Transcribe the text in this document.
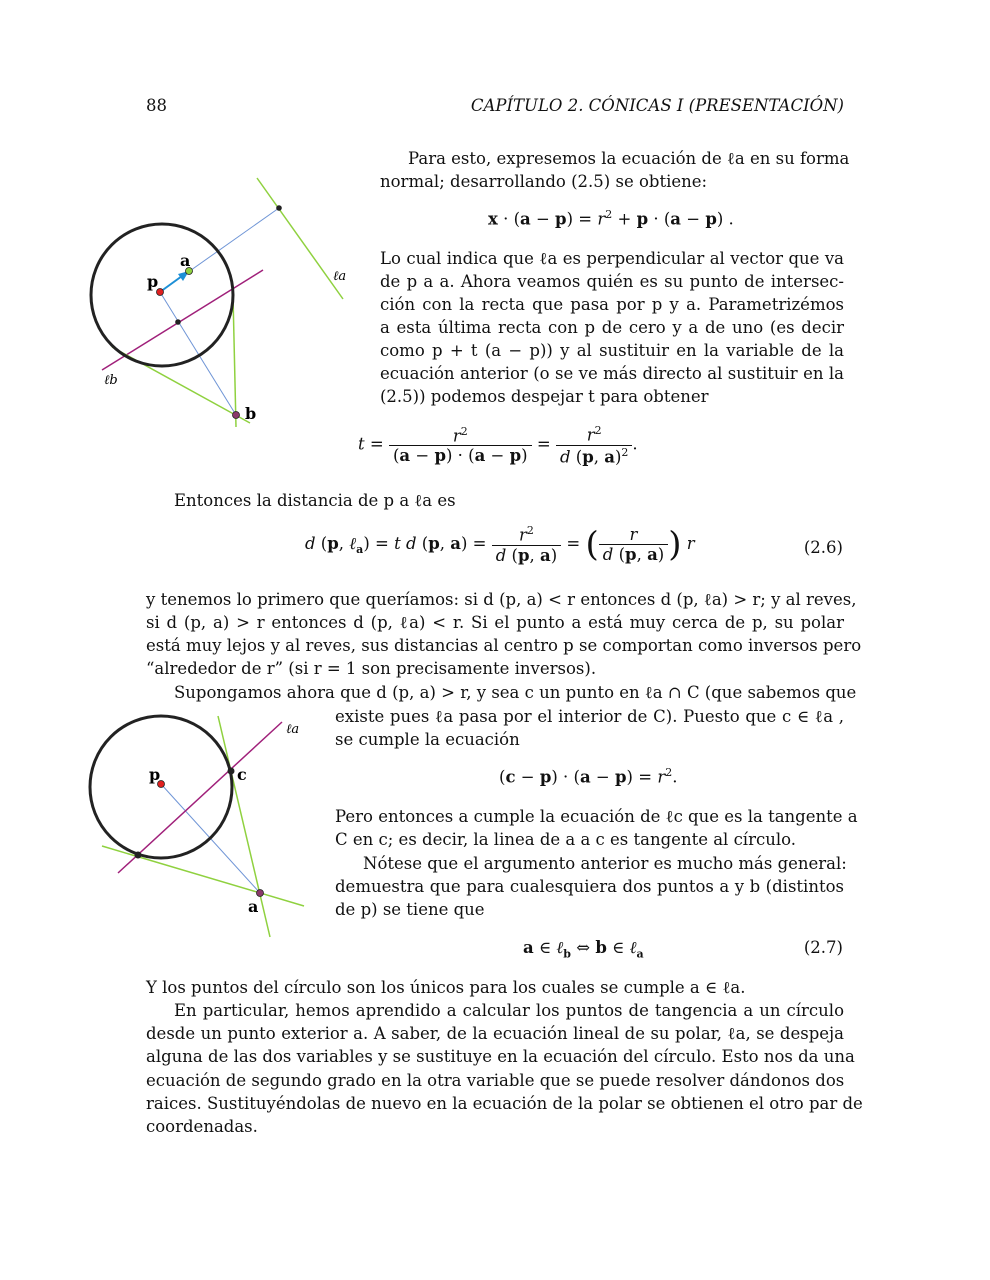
88	CAPÍTULO 2. CÓNICAS I (PRESENTACIÓN)
a
p
b
ℓa
ℓb
Para esto, expresemos la ecuación de ℓa en su forma
normal; desarrollando (2.5) se obtiene:
$x \cdot (a - p) = r^2 + p \cdot (a - p)$ .
Lo cual indica que ℓa es perpendicular al vector que va
de p a a. Ahora veamos quién es su punto de intersec-
ción con la recta que pasa por p y a. Parametrizémos
a esta última recta con p de cero y a de uno (es decir
como p + t (a − p)) y al sustituir en la variable de la
ecuación anterior (o se ve más directo al sustituir en la
(2.5)) podemos despejar t para obtener
$t = \frac{r^2}{(a - p) \cdot (a - p)} = \frac{r^2}{d (p, a)^2}$ .
Entonces la distancia de p a ℓa es
d (p, ℓ$_a$) = t d (p, $a) = \frac{r^2}{d (p, a)}$ = ( $\frac{r}{d (p, a)}$ ) r	(2.6)
y tenemos lo primero que queríamos: si d (p, a) < r entonces d (p, ℓa) > r; y al reves,
si d (p, a) > r entonces d (p, ℓa) < r. Si el punto a está muy cerca de p, su polar
está muy lejos y al reves, sus distancias al centro p se comportan como inversos pero
“alrededor de r” (si r = 1 son precisamente inversos).
Supongamos ahora que d (p, a) > r, y sea c un punto en ℓa ∩ C (que sabemos que
p	c
a
ℓa
existe pues ℓa pasa por el interior de C). Puesto que c ∈ ℓa ,
se cumple la ecuación
$(c - p) \cdot (a - p) = r^2$.
Pero entonces a cumple la ecuación de ℓc que es la tangente a
C en c; es decir, la linea de a a c es tangente al círculo.
Nótese que el argumento anterior es mucho más general:
demuestra que para cualesquiera dos puntos a y b (distintos
de p) se tiene que
a ∈ ℓ$_b$ ⇔ b ∈ ℓ$_a$	(2.7)
Y los puntos del círculo son los únicos para los cuales se cumple a ∈ ℓa.
En particular, hemos aprendido a calcular los puntos de tangencia a un círculo
desde un punto exterior a. A saber, de la ecuación lineal de su polar, ℓa, se despeja
alguna de las dos variables y se sustituye en la ecuación del círculo. Esto nos da una
ecuación de segundo grado en la otra variable que se puede resolver dándonos dos
raices. Sustituyéndolas de nuevo en la ecuación de la polar se obtienen el otro par de
coordenadas.
